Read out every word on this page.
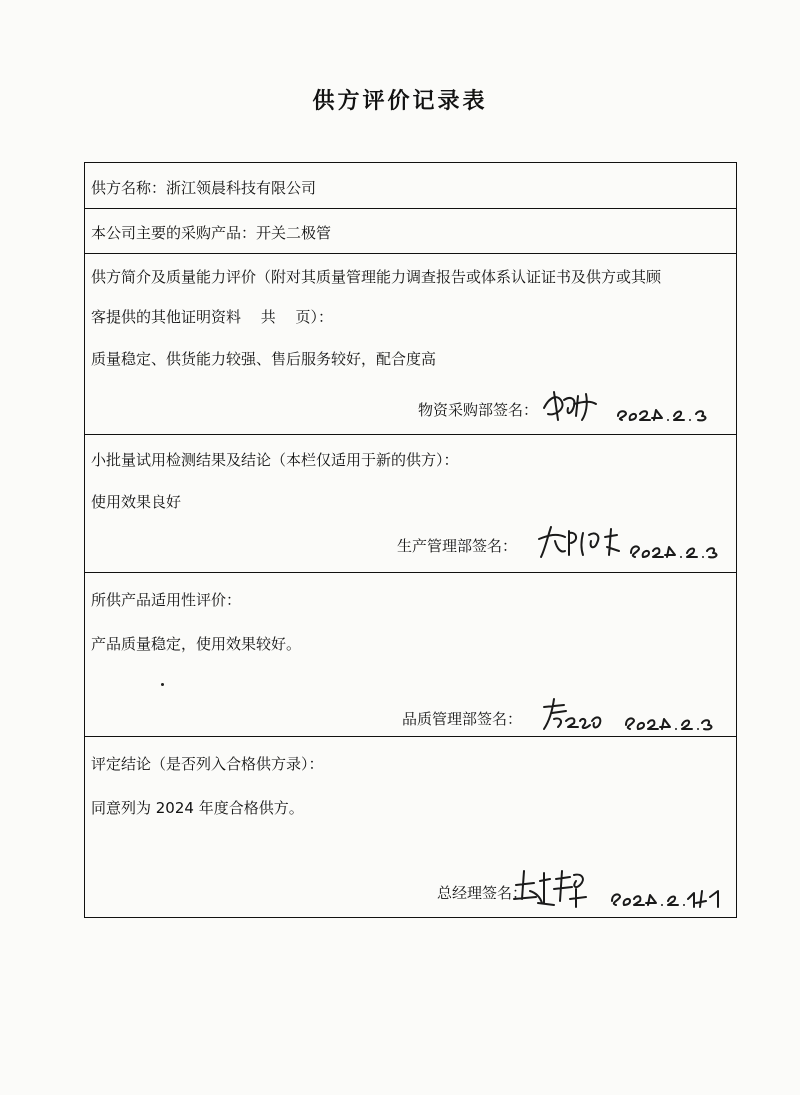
供方评价记录表
供方名称：浙江领晨科技有限公司
本公司主要的采购产品：开关二极管
供方简介及质量能力评价（附对其质量管理能力调查报告或体系认证证书及供方或其顾
客提供的其他证明资料　 共　 页）：
质量稳定、供货能力较强、售后服务较好，配合度高
物资采购部签名：
小批量试用检测结果及结论（本栏仅适用于新的供方）：
使用效果良好
生产管理部签名：
所供产品适用性评价：
产品质量稳定，使用效果较好。
品质管理部签名：
评定结论（是否列入合格供方录）：
同意列为 2024 年度合格供方。
总经理签名：
